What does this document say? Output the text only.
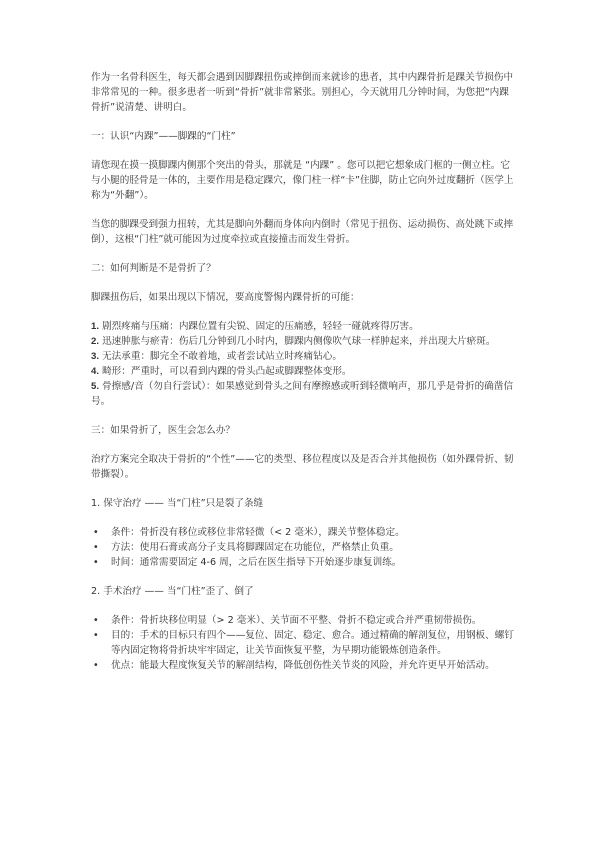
作为一名骨科医生，每天都会遇到因脚踝扭伤或摔倒而来就诊的患者，其中内踝骨折是踝关节损伤中非常常见的一种。很多患者一听到“骨折”就非常紧张。别担心，今天就用几分钟时间，为您把“内踝骨折”说清楚、讲明白。

一：认识“内踝”——脚踝的“门柱”

请您现在摸一摸脚踝内侧那个突出的骨头，那就是 “内踝” 。您可以把它想象成门框的一侧立柱。它与小腿的胫骨是一体的，主要作用是稳定踝穴，像门柱一样“卡”住脚，防止它向外过度翻折（医学上称为“外翻”）。

当您的脚踝受到强力扭转，尤其是脚向外翻而身体向内倒时（常见于扭伤、运动损伤、高处跳下或摔倒），这根“门柱”就可能因为过度牵拉或直接撞击而发生骨折。

二：如何判断是不是骨折了？

脚踝扭伤后，如果出现以下情况，要高度警惕内踝骨折的可能：

1. 剧烈疼痛与压痛：内踝位置有尖锐、固定的压痛感，轻轻一碰就疼得厉害。
2. 迅速肿胀与瘀青：伤后几分钟到几小时内，脚踝内侧像吹气球一样肿起来，并出现大片瘀斑。
3. 无法承重：脚完全不敢着地，或者尝试站立时疼痛钻心。
4. 畸形：严重时，可以看到内踝的骨头凸起或脚踝整体变形。
5. 骨擦感/音（勿自行尝试）：如果感觉到骨头之间有摩擦感或听到轻微响声，那几乎是骨折的确凿信号。

三：如果骨折了，医生会怎么办？

治疗方案完全取决于骨折的“个性”——它的类型、移位程度以及是否合并其他损伤（如外踝骨折、韧带撕裂）。

1. 保守治疗 —— 当“门柱”只是裂了条缝

• 条件：骨折没有移位或移位非常轻微（< 2 毫米），踝关节整体稳定。
• 方法：使用石膏或高分子支具将脚踝固定在功能位，严格禁止负重。
• 时间：通常需要固定 4-6 周，之后在医生指导下开始逐步康复训练。

2. 手术治疗 —— 当“门柱”歪了、倒了

• 条件：骨折块移位明显（> 2 毫米）、关节面不平整、骨折不稳定或合并严重韧带损伤。
• 目的：手术的目标只有四个——复位、固定、稳定、愈合。通过精确的解剖复位，用钢板、螺钉等内固定物将骨折块牢牢固定，让关节面恢复平整，为早期功能锻炼创造条件。
• 优点：能最大程度恢复关节的解剖结构，降低创伤性关节炎的风险，并允许更早开始活动。
